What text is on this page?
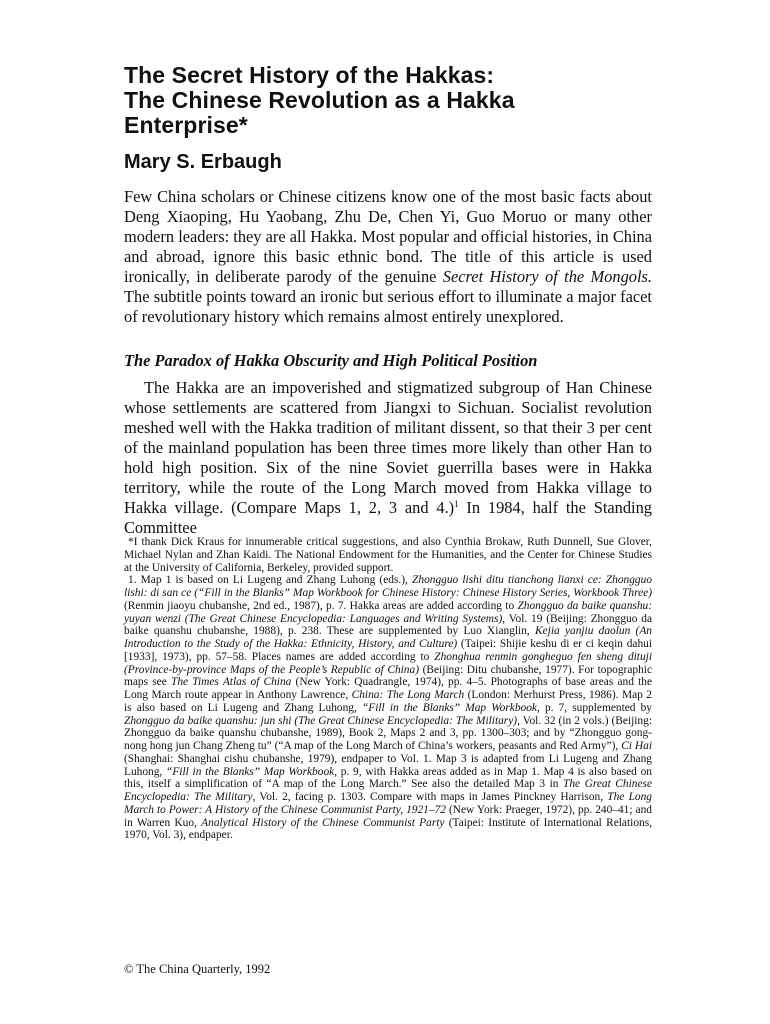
The Secret History of the Hakkas:
The Chinese Revolution as a Hakka
Enterprise*
Mary S. Erbaugh

Few China scholars or Chinese citizens know one of the most basic facts about Deng Xiaoping, Hu Yaobang, Zhu De, Chen Yi, Guo Moruo or many other modern leaders: they are all Hakka. Most popular and official histories, in China and abroad, ignore this basic ethnic bond. The title of this article is used ironically, in deliberate parody of the genuine Secret History of the Mongols. The subtitle points toward an ironic but serious effort to illuminate a major facet of revolutionary history which remains almost entirely unexplored.

The Paradox of Hakka Obscurity and High Political Position

The Hakka are an impoverished and stigmatized subgroup of Han Chinese whose settlements are scattered from Jiangxi to Sichuan. Socialist revolution meshed well with the Hakka tradition of militant dissent, so that their 3 per cent of the mainland population has been three times more likely than other Han to hold high position. Six of the nine Soviet guerrilla bases were in Hakka territory, while the route of the Long March moved from Hakka village to Hakka village. (Compare Maps 1, 2, 3 and 4.)$^1$ In 1984, half the Standing Committee

*I thank Dick Kraus for innumerable critical suggestions, and also Cynthia Brokaw, Ruth Dunnell, Sue Glover, Michael Nylan and Zhan Kaidi. The National Endowment for the Humanities, and the Center for Chinese Studies at the University of California, Berkeley, provided support.

1. Map 1 is based on Li Lugeng and Zhang Luhong (eds.), Zhongguo lishi ditu tianchong lianxi ce: Zhongguo lishi: di san ce (“Fill in the Blanks” Map Workbook for Chinese History: Chinese History Series, Workbook Three) (Renmin jiaoyu chubanshe, 2nd ed., 1987), p. 7. Hakka areas are added according to Zhongguo da baike quanshu: yuyan wenzi (The Great Chinese Encyclopedia: Languages and Writing Systems), Vol. 19 (Beijing: Zhongguo da baike quanshu chubanshe, 1988), p. 238. These are supplemented by Luo Xianglin, Kejia yanjiu daolun (An Introduction to the Study of the Hakka: Ethnicity, History, and Culture) (Taipei: Shijie keshu di er ci keqin dahui [1933], 1973), pp. 57–58. Places names are added according to Zhonghua renmin gongheguo fen sheng dituji (Province-by-province Maps of the People’s Republic of China) (Beijing: Ditu chubanshe, 1977). For topographic maps see The Times Atlas of China (New York: Quadrangle, 1974), pp. 4–5. Photographs of base areas and the Long March route appear in Anthony Lawrence, China: The Long March (London: Merhurst Press, 1986). Map 2 is also based on Li Lugeng and Zhang Luhong, “Fill in the Blanks” Map Workbook, p. 7, supplemented by Zhongguo da baike quanshu: jun shi (The Great Chinese Encyclopedia: The Military), Vol. 32 (in 2 vols.) (Beijing: Zhongguo da baike quanshu chubanshe, 1989), Book 2, Maps 2 and 3, pp. 1300–303; and by “Zhongguo gong-nong hong jun Chang Zheng tu” (“A map of the Long March of China’s workers, peasants and Red Army”), Ci Hai (Shanghai: Shanghai cishu chubanshe, 1979), endpaper to Vol. 1. Map 3 is adapted from Li Lugeng and Zhang Luhong, “Fill in the Blanks” Map Workbook, p. 9, with Hakka areas added as in Map 1. Map 4 is also based on this, itself a simplification of “A map of the Long March.” See also the detailed Map 3 in The Great Chinese Encyclopedia: The Military, Vol. 2, facing p. 1303. Compare with maps in James Pinckney Harrison, The Long March to Power: A History of the Chinese Communist Party, 1921–72 (New York: Praeger, 1972), pp. 240–41; and in Warren Kuo, Analytical History of the Chinese Communist Party (Taipei: Institute of International Relations, 1970, Vol. 3), endpaper.

© The China Quarterly, 1992
